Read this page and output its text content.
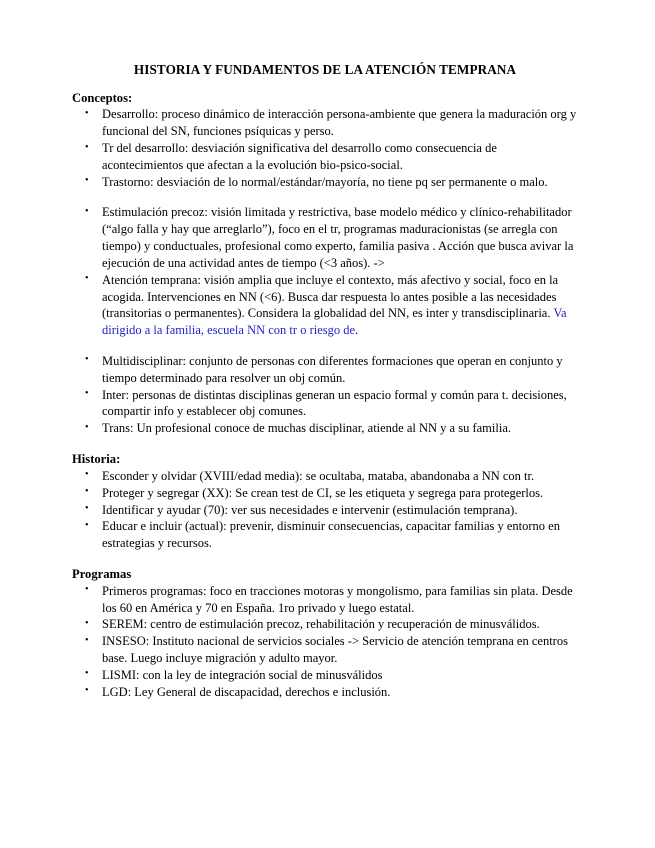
HISTORIA Y FUNDAMENTOS DE LA ATENCIÓN TEMPRANA
Conceptos:
• Desarrollo: proceso dinámico de interacción persona-ambiente que genera la maduración org y funcional del SN, funciones psíquicas y perso.
• Tr del desarrollo: desviación significativa del desarrollo como consecuencia de acontecimientos que afectan a la evolución bio-psico-social.
• Trastorno: desviación de lo normal/estándar/mayoría, no tiene pq ser permanente o malo.
• Estimulación precoz: visión limitada y restrictiva, base modelo médico y clínico-rehabilitador (“algo falla y hay que arreglarlo”), foco en el tr, programas maduracionistas (se arregla con tiempo) y conductuales, profesional como experto, familia pasiva . Acción que busca avivar la ejecución de una actividad antes de tiempo (<3 años). ->
• Atención temprana: visión amplia que incluye el contexto, más afectivo y social, foco en la acogida. Intervenciones en NN (<6). Busca dar respuesta lo antes posible a las necesidades (transitorias o permanentes). Considera la globalidad del NN, es inter y transdisciplinaria. Va dirigido a la familia, escuela NN con tr o riesgo de.
• Multidisciplinar: conjunto de personas con diferentes formaciones que operan en conjunto y tiempo determinado para resolver un obj común.
• Inter: personas de distintas disciplinas generan un espacio formal y común para t. decisiones, compartir info y establecer obj comunes.
• Trans: Un profesional conoce de muchas disciplinar, atiende al NN y a su familia.
Historia:
• Esconder y olvidar (XVIII/edad media): se ocultaba, mataba, abandonaba a NN con tr.
• Proteger y segregar (XX): Se crean test de CI, se les etiqueta y segrega para protegerlos.
• Identificar y ayudar (70): ver sus necesidades e intervenir (estimulación temprana).
• Educar e incluir (actual): prevenir, disminuir consecuencias, capacitar familias y entorno en estrategias y recursos.
Programas
• Primeros programas: foco en tracciones motoras y mongolismo, para familias sin plata. Desde los 60 en América y 70 en España. 1ro privado y luego estatal.
• SEREM: centro de estimulación precoz, rehabilitación y recuperación de minusválidos.
• INSESO: Instituto nacional de servicios sociales -> Servicio de atención temprana en centros base. Luego incluye migración y adulto mayor.
• LISMI: con la ley de integración social de minusválidos
• LGD: Ley General de discapacidad, derechos e inclusión.
